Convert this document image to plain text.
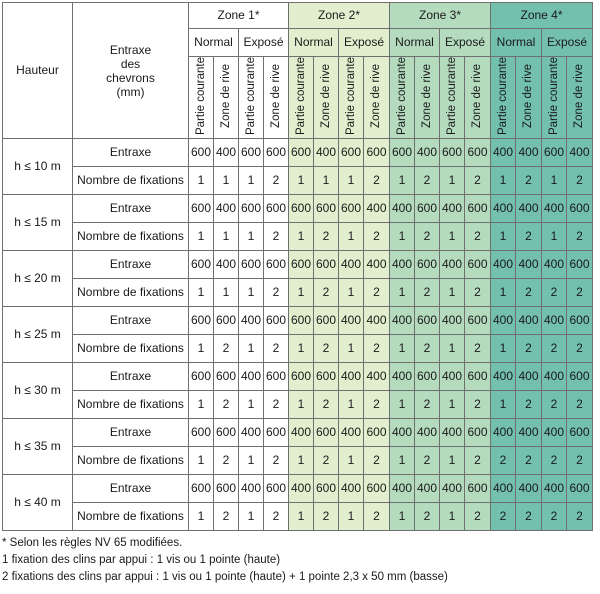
Hauteur	Entraxe des chevrons (mm)	Zone 1*				Zone 2*				Zone 3*				Zone 4*			
		Normal		Exposé		Normal		Exposé		Normal		Exposé		Normal		Exposé	
		Partie courante	Zone de rive	Partie courante	Zone de rive	Partie courante	Zone de rive	Partie courante	Zone de rive	Partie courante	Zone de rive	Partie courante	Zone de rive	Partie courante	Zone de rive	Partie courante	Zone de rive
h ≤ 10 m	Entraxe	600	400	600	600	600	400	600	600	600	400	600	600	400	400	600	400
	Nombre de fixations	1	1	1	2	1	1	1	2	1	2	1	2	1	2	1	2
h ≤ 15 m	Entraxe	600	400	600	600	600	600	600	400	400	600	400	600	400	400	400	600
	Nombre de fixations	1	1	1	2	1	2	1	2	1	2	1	2	1	2	1	2
h ≤ 20 m	Entraxe	600	400	600	600	600	600	400	400	400	600	400	600	400	400	400	600
	Nombre de fixations	1	1	1	2	1	2	1	2	1	2	1	2	1	2	2	2
h ≤ 25 m	Entraxe	600	600	400	600	600	600	400	400	400	600	400	600	400	400	400	600
	Nombre de fixations	1	2	1	2	1	2	1	2	1	2	1	2	1	2	2	2
h ≤ 30 m	Entraxe	600	600	400	600	600	600	400	400	400	600	400	600	400	400	400	600
	Nombre de fixations	1	2	1	2	1	2	1	2	1	2	1	2	1	2	2	2
h ≤ 35 m	Entraxe	600	600	400	600	400	600	400	600	400	400	400	600	400	400	400	600
	Nombre de fixations	1	2	1	2	1	2	1	2	1	2	1	2	2	2	2	2
h ≤ 40 m	Entraxe	600	600	400	600	400	600	400	600	400	400	400	600	400	400	400	600
	Nombre de fixations	1	2	1	2	1	2	1	2	1	2	1	2	2	2	2	2
* Selon les règles NV 65 modifiées.
1 fixation des clins par appui : 1 vis ou 1 pointe (haute)
2 fixations des clins par appui : 1 vis ou 1 pointe (haute) + 1 pointe 2,3 x 50 mm (basse)
